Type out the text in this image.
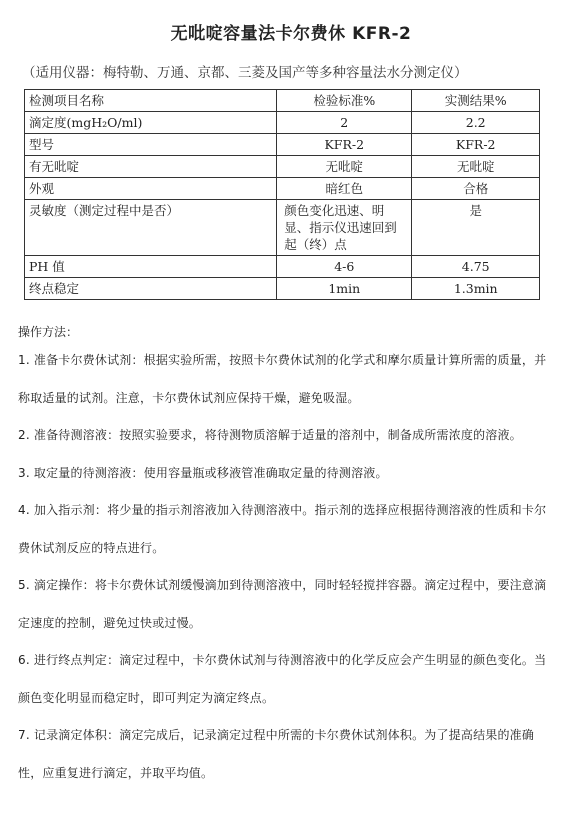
无吡啶容量法卡尔费休 KFR-2
（适用仪器：梅特勒、万通、京都、三菱及国产等多种容量法水分测定仪）
检测项目名称	检验标准%	实测结果%
滴定度(mgH₂O/ml)	2	2.2
型号	KFR-2	KFR-2
有无吡啶	无吡啶	无吡啶
外观	暗红色	合格
灵敏度（测定过程中是否）	颜色变化迅速、明显、指示仪迅速回到起（终）点	是
PH 值	4-6	4.75
终点稳定	1min	1.3min

操作方法：

1. 准备卡尔费休试剂：根据实验所需，按照卡尔费休试剂的化学式和摩尔质量计算所需的质量，并称取适量的试剂。注意，卡尔费休试剂应保持干燥，避免吸湿。

2. 准备待测溶液：按照实验要求，将待测物质溶解于适量的溶剂中，制备成所需浓度的溶液。

3. 取定量的待测溶液：使用容量瓶或移液管准确取定量的待测溶液。

4. 加入指示剂：将少量的指示剂溶液加入待测溶液中。指示剂的选择应根据待测溶液的性质和卡尔费休试剂反应的特点进行。

5. 滴定操作：将卡尔费休试剂缓慢滴加到待测溶液中，同时轻轻搅拌容器。滴定过程中，要注意滴定速度的控制，避免过快或过慢。

6. 进行终点判定：滴定过程中，卡尔费休试剂与待测溶液中的化学反应会产生明显的颜色变化。当颜色变化明显而稳定时，即可判定为滴定终点。

7. 记录滴定体积：滴定完成后，记录滴定过程中所需的卡尔费休试剂体积。为了提高结果的准确性，应重复进行滴定，并取平均值。
